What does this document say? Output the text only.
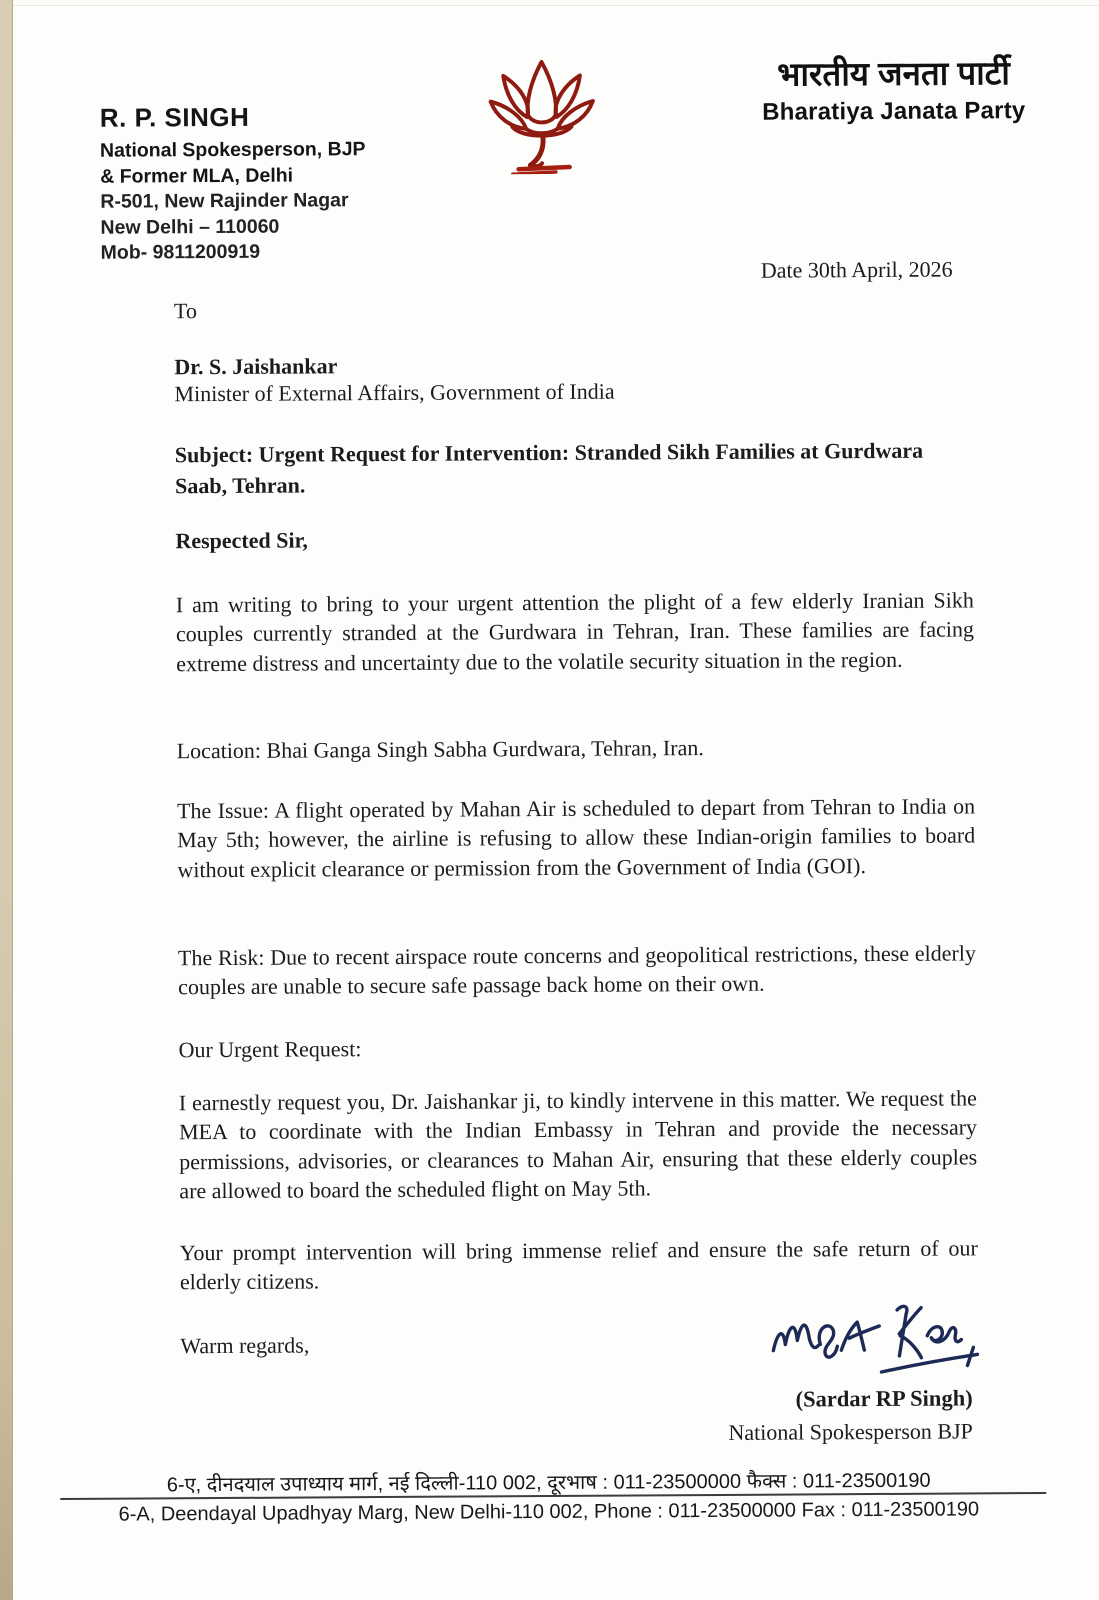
R. P. SINGH
National Spokesperson, BJP
& Former MLA, Delhi
R-501, New Rajinder Nagar
New Delhi – 110060
Mob- 9811200919
भारतीय जनता पार्टी
Bharatiya Janata Party
Date 30th April, 2026
To
Dr. S. Jaishankar
Minister of External Affairs, Government of India
Subject: Urgent Request for Intervention: Stranded Sikh Families at Gurdwara
Saab, Tehran.
Respected Sir,
I am writing to bring to your urgent attention the plight of a few elderly Iranian Sikh couples currently stranded at the Gurdwara in Tehran, Iran. These families are facing extreme distress and uncertainty due to the volatile security situation in the region.
Location: Bhai Ganga Singh Sabha Gurdwara, Tehran, Iran.
The Issue: A flight operated by Mahan Air is scheduled to depart from Tehran to India on May 5th; however, the airline is refusing to allow these Indian-origin families to board without explicit clearance or permission from the Government of India (GOI).
The Risk: Due to recent airspace route concerns and geopolitical restrictions, these elderly couples are unable to secure safe passage back home on their own.
Our Urgent Request:
I earnestly request you, Dr. Jaishankar ji, to kindly intervene in this matter. We request the MEA to coordinate with the Indian Embassy in Tehran and provide the necessary permissions, advisories, or clearances to Mahan Air, ensuring that these elderly couples are allowed to board the scheduled flight on May 5th.
Your prompt intervention will bring immense relief and ensure the safe return of our elderly citizens.
Warm regards,
(Sardar RP Singh)
National Spokesperson BJP
6-ए, दीनदयाल उपाध्याय मार्ग, नई दिल्ली-110 002, दूरभाष : 011-23500000 फैक्स : 011-23500190
6-A, Deendayal Upadhyay Marg, New Delhi-110 002, Phone : 011-23500000 Fax : 011-23500190
